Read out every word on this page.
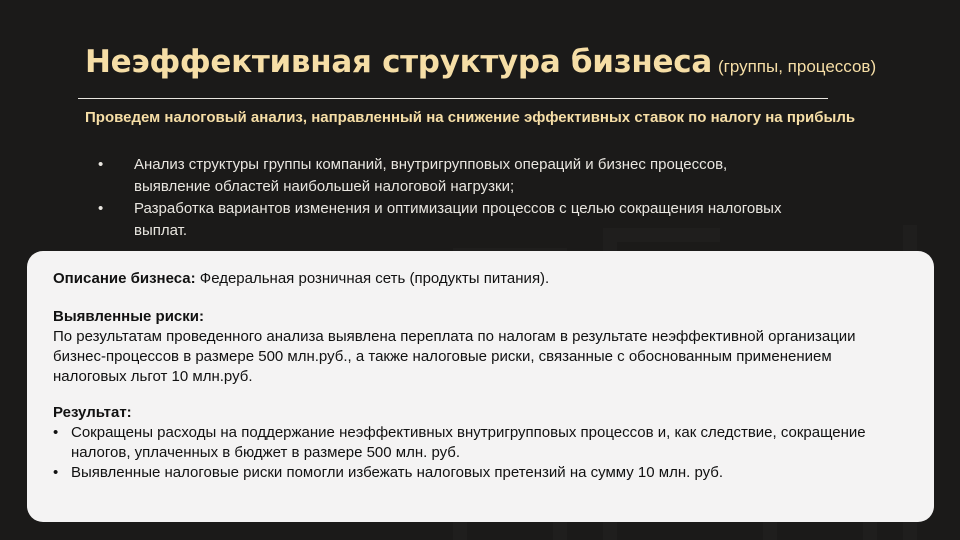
Неэффективная структура бизнеса (группы, процессов)
Проведем налоговый анализ, направленный на снижение эффективных ставок по налогу на прибыль
• Анализ структуры группы компаний, внутригрупповых операций и бизнес процессов, выявление областей наибольшей налоговой нагрузки;
• Разработка вариантов изменения и оптимизации процессов с целью сокращения налоговых выплат.

Описание бизнеса: Федеральная розничная сеть (продукты питания).

Выявленные риски:

По результатам проведенного анализа выявлена переплата по налогам в результате неэффективной организации бизнес-процессов в размере 500 млн.руб., а также налоговые риски, связанные с обоснованным применением налоговых льгот 10 млн.руб.

Результат:

• Сокращены расходы на поддержание неэффективных внутригрупповых процессов и, как следствие, сокращение налогов, уплаченных в бюджет в размере 500 млн. руб.
• Выявленные налоговые риски помогли избежать налоговых претензий на сумму 10 млн. руб.
